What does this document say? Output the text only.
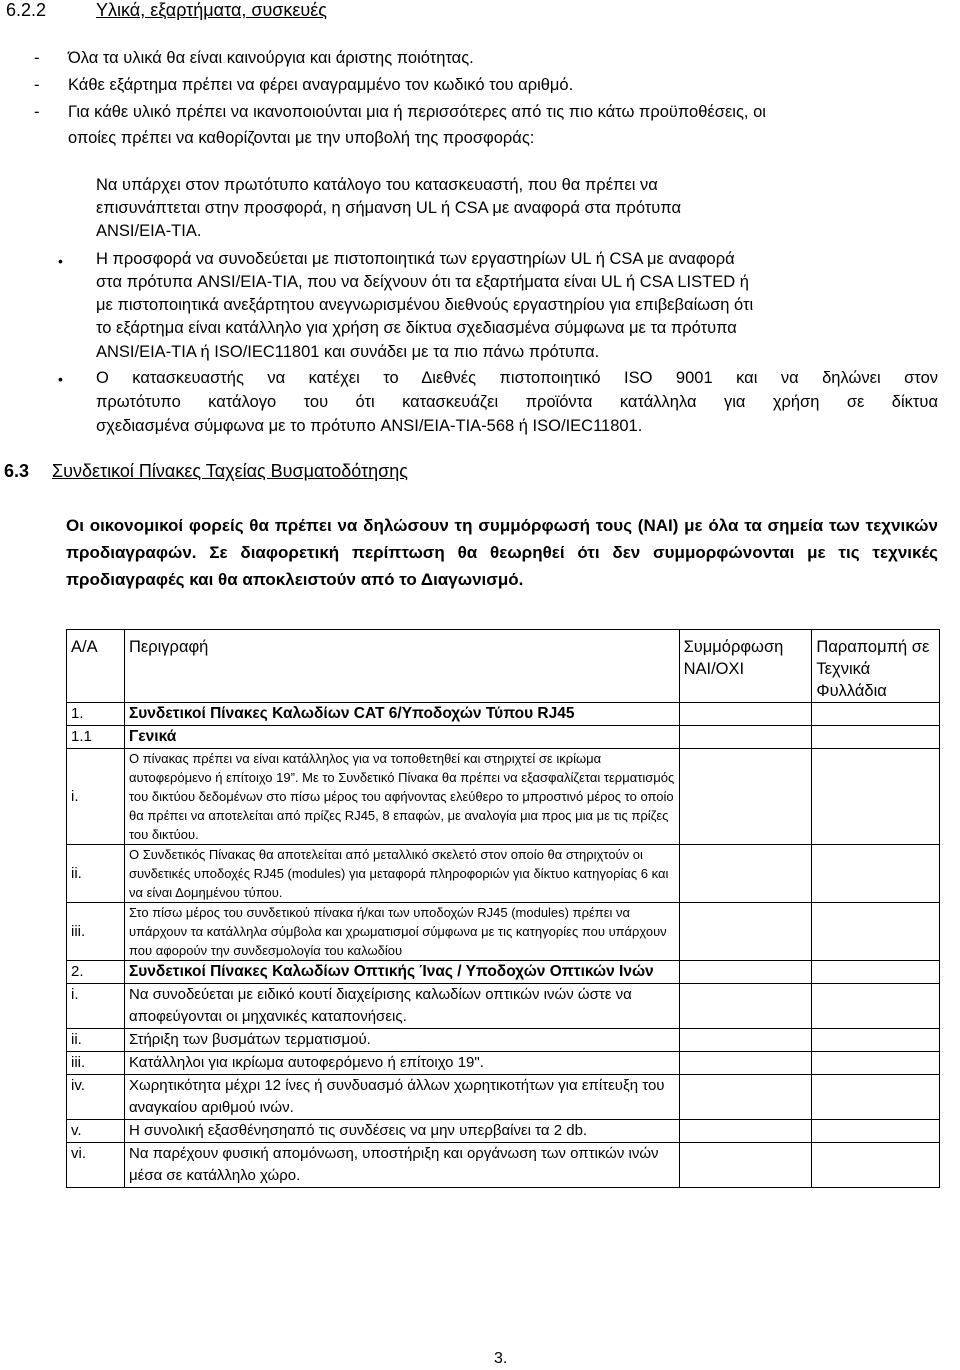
6.2.2	Υλικά, εξαρτήματα, συσκευές
- Όλα τα υλικά θα είναι καινούργια και άριστης ποιότητας.
- Κάθε εξάρτημα πρέπει να φέρει αναγραμμένο τον κωδικό του αριθμό.
- Για κάθε υλικό πρέπει να ικανοποιούνται μια ή περισσότερες από τις πιο κάτω προϋποθέσεις, οι
οποίες πρέπει να καθορίζονται με την υποβολή της προσφοράς:
Να υπάρχει στον πρωτότυπο κατάλογο του κατασκευαστή, που θα πρέπει να
επισυνάπτεται στην προσφορά, η σήμανση UL ή CSA με αναφορά στα πρότυπα
ANSI/EIA-TIA.
• Η προσφορά να συνοδεύεται με πιστοποιητικά των εργαστηρίων UL ή CSA με αναφορά
στα πρότυπα ANSI/EIA-TIA, που να δείχνουν ότι τα εξαρτήματα είναι UL ή CSA LISTED ή
με πιστοποιητικά ανεξάρτητου ανεγνωρισμένου διεθνούς εργαστηρίου για επιβεβαίωση ότι
το εξάρτημα είναι κατάλληλο για χρήση σε δίκτυα σχεδιασμένα σύμφωνα με τα πρότυπα
ANSI/EIA-TIA ή ISO/IEC11801 και συνάδει με τα πιο πάνω πρότυπα.
• Ο κατασκευαστής να κατέχει το Διεθνές πιστοποιητικό ISO 9001 και να δηλώνει στον
πρωτότυπο κατάλογο του ότι κατασκευάζει προϊόντα κατάλληλα για χρήση σε δίκτυα
σχεδιασμένα σύμφωνα με το πρότυπο ANSI/EIA-TIA-568 ή ISO/IEC11801.
6.3 Συνδετικοί Πίνακες Ταχείας Βυσματοδότησης
Οι οικονομικοί φορείς θα πρέπει να δηλώσουν τη συμμόρφωσή τους (ΝΑΙ) με όλα τα σημεία των τεχνικών προδιαγραφών. Σε διαφορετική περίπτωση θα θεωρηθεί ότι δεν συμμορφώνονται με τις τεχνικές προδιαγραφές και θα αποκλειστούν από το Διαγωνισμό.
Α/Α	Περιγραφή	Συμμόρφωση ΝΑΙ/ΟΧΙ	Παραπομπή σε Τεχνικά Φυλλάδια
1.	Συνδετικοί Πίνακες Καλωδίων CAT 6/Υποδοχών Τύπου RJ45		
1.1	Γενικά		
i.	Ο πίνακας πρέπει να είναι κατάλληλος για να τοποθετηθεί και στηριχτεί σε ικρίωμα αυτοφερόμενο ή επίτοιχο 19”. Με το Συνδετικό Πίνακα θα πρέπει να εξασφαλίζεται τερματισμός του δικτύου δεδομένων στο πίσω μέρος του αφήνοντας ελεύθερο το μπροστινό μέρος το οποίο θα πρέπει να αποτελείται από πρίζες RJ45, 8 επαφών, με αναλογία μια προς μια με τις πρίζες του δικτύου.		
ii.	Ο Συνδετικός Πίνακας θα αποτελείται από μεταλλικό σκελετό στον οποίο θα στηριχτούν οι συνδετικές υποδοχές RJ45 (modules) για μεταφορά πληροφοριών για δίκτυο κατηγορίας 6 και να είναι Δομημένου τύπου.		
iii.	Στο πίσω μέρος του συνδετικού πίνακα ή/και των υποδοχών RJ45 (modules) πρέπει να υπάρχουν τα κατάλληλα σύμβολα και χρωματισμοί σύμφωνα με τις κατηγορίες που υπάρχουν που αφορούν την συνδεσμολογία του καλωδίου		
2.	Συνδετικοί Πίνακες Καλωδίων Οπτικής Ίνας / Υποδοχών Οπτικών Ινών		
i.	Να συνοδεύεται με ειδικό κουτί διαχείρισης καλωδίων οπτικών ινών ώστε να αποφεύγονται οι μηχανικές καταπονήσεις.		
ii.	Στήριξη των βυσμάτων τερματισμού.		
iii.	Κατάλληλοι για ικρίωμα αυτοφερόμενο ή επίτοιχο 19".		
iv.	Χωρητικότητα μέχρι 12 ίνες ή συνδυασμό άλλων χωρητικοτήτων για επίτευξη του αναγκαίου αριθμού ινών.		
v.	Η συνολική εξασθένησηαπό τις συνδέσεις να μην υπερβαίνει τα 2 db.		
vi.	Να παρέχουν φυσική απομόνωση, υποστήριξη και οργάνωση των οπτικών ινών μέσα σε κατάλληλο χώρο.		
3.
